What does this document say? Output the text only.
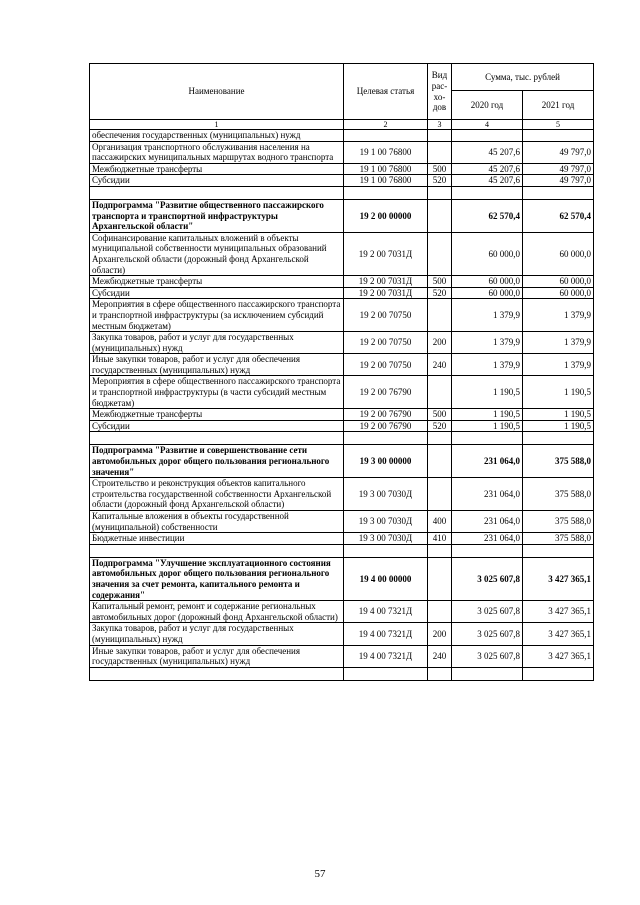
Наименование	Целевая статья	Вид рас-хо-дов	Сумма, тыс. рублей	
			2020 год	2021 год
1	2	3	4	5
обеспечения государственных (муниципальных) нужд				
Организация транспортного обслуживания населения на пассажирских муниципальных маршрутах водного транспорта	19 1 00 76800		45 207,6	49 797,0
Межбюджетные трансферты	19 1 00 76800	500	45 207,6	49 797,0
Субсидии	19 1 00 76800	520	45 207,6	49 797,0

Подпрограмма "Развитие общественного пассажирского транспорта и транспортной инфраструктуры Архангельской области"	19 2 00 00000		62 570,4	62 570,4
Софинансирование капитальных вложений в объекты муниципальной собственности муниципальных образований Архангельской области (дорожный фонд Архангельской области)	19 2 00 7031Д		60 000,0	60 000,0
Межбюджетные трансферты	19 2 00 7031Д	500	60 000,0	60 000,0
Субсидии	19 2 00 7031Д	520	60 000,0	60 000,0
Мероприятия в сфере общественного пассажирского транспорта и транспортной инфраструктуры (за исключением субсидий местным бюджетам)	19 2 00 70750		1 379,9	1 379,9
Закупка товаров, работ и услуг для государственных (муниципальных) нужд	19 2 00 70750	200	1 379,9	1 379,9
Иные закупки товаров, работ и услуг для обеспечения государственных (муниципальных) нужд	19 2 00 70750	240	1 379,9	1 379,9
Мероприятия в сфере общественного пассажирского транспорта и транспортной инфраструктуры (в части субсидий местным бюджетам)	19 2 00 76790		1 190,5	1 190,5
Межбюджетные трансферты	19 2 00 76790	500	1 190,5	1 190,5
Субсидии	19 2 00 76790	520	1 190,5	1 190,5

Подпрограмма "Развитие и совершенствование сети автомобильных дорог общего пользования регионального значения"	19 3 00 00000		231 064,0	375 588,0
Строительство и реконструкция объектов капитального строительства государственной собственности Архангельской области (дорожный фонд Архангельской области)	19 3 00 7030Д		231 064,0	375 588,0
Капитальные вложения в объекты государственной (муниципальной) собственности	19 3 00 7030Д	400	231 064,0	375 588,0
Бюджетные инвестиции	19 3 00 7030Д	410	231 064,0	375 588,0

Подпрограмма "Улучшение эксплуатационного состояния автомобильных дорог общего пользования регионального значения за счет ремонта, капитального ремонта и содержания"	19 4 00 00000		3 025 607,8	3 427 365,1
Капитальный ремонт, ремонт и содержание региональных автомобильных дорог (дорожный фонд Архангельской области)	19 4 00 7321Д		3 025 607,8	3 427 365,1
Закупка товаров, работ и услуг для государственных (муниципальных) нужд	19 4 00 7321Д	200	3 025 607,8	3 427 365,1
Иные закупки товаров, работ и услуг для обеспечения государственных (муниципальных) нужд	19 4 00 7321Д	240	3 025 607,8	3 427 365,1

57
